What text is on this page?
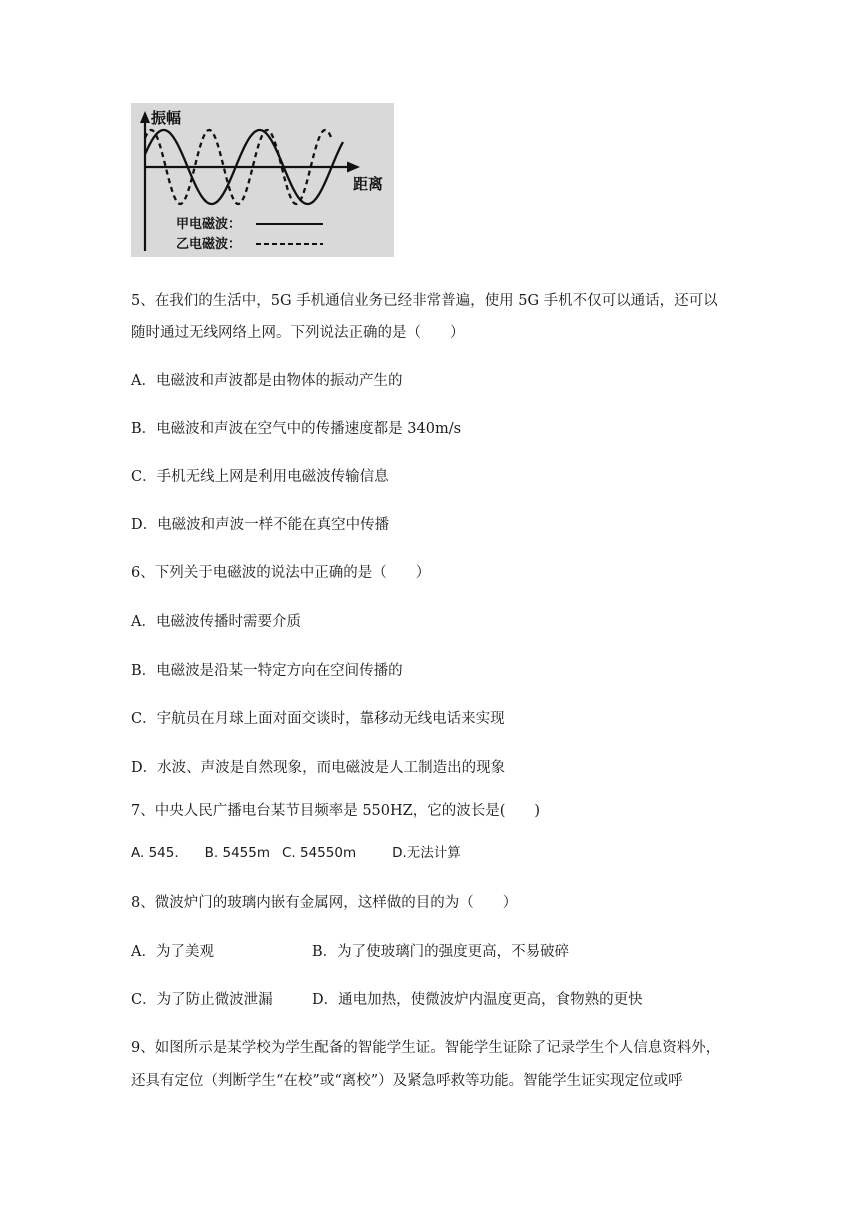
振幅
距离
甲电磁波：
乙电磁波：
5、在我们的生活中，5G 手机通信业务已经非常普遍，使用 5G 手机不仅可以通话，还可以
随时通过无线网络上网。下列说法正确的是（　　）
A．电磁波和声波都是由物体的振动产生的
B．电磁波和声波在空气中的传播速度都是 340m/s
C．手机无线上网是利用电磁波传输信息
D．电磁波和声波一样不能在真空中传播
6、下列关于电磁波的说法中正确的是（　　）
A．电磁波传播时需要介质
B．电磁波是沿某一特定方向在空间传播的
C．宇航员在月球上面对面交谈时，靠移动无线电话来实现
D．水波、声波是自然现象，而电磁波是人工制造出的现象
7、中央人民广播电台某节目频率是 550HZ，它的波长是(　　)
A. 545. B. 5455m C. 54550m	D.无法计算
8、微波炉门的玻璃内嵌有金属网，这样做的目的为（　　）
A．为了美观	B．为了使玻璃门的强度更高，不易破碎
C．为了防止微波泄漏	D．通电加热，使微波炉内温度更高，食物熟的更快
9、如图所示是某学校为学生配备的智能学生证。智能学生证除了记录学生个人信息资料外，
还具有定位（判断学生“在校”或“离校”）及紧急呼救等功能。智能学生证实现定位或呼
